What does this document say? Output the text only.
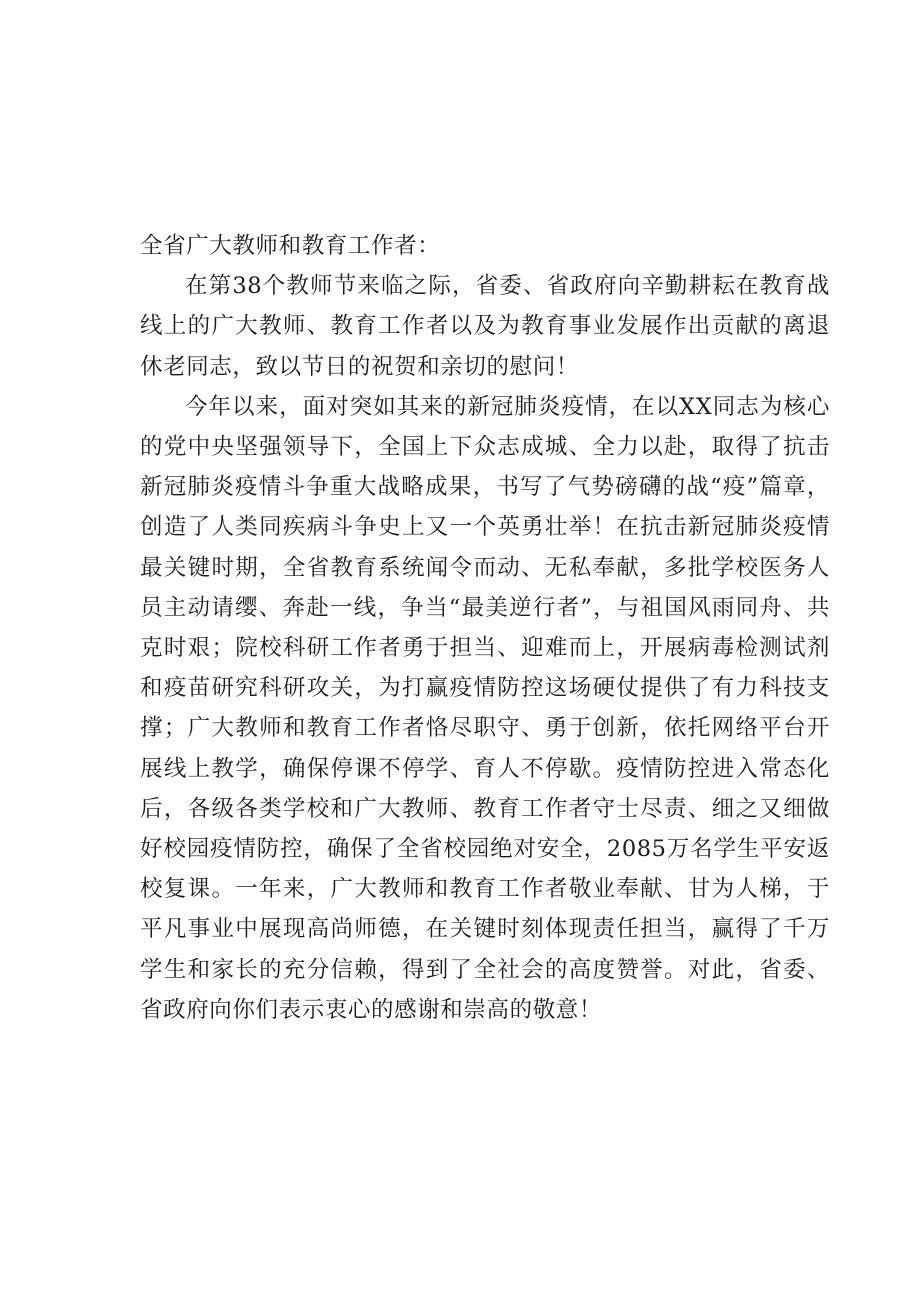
全省广大教师和教育工作者：

在第38个教师节来临之际，省委、省政府向辛勤耕耘在教育战线上的广大教师、教育工作者以及为教育事业发展作出贡献的离退休老同志，致以节日的祝贺和亲切的慰问！

今年以来，面对突如其来的新冠肺炎疫情，在以XX同志为核心的党中央坚强领导下，全国上下众志成城、全力以赴，取得了抗击新冠肺炎疫情斗争重大战略成果，书写了气势磅礴的战“疫”篇章，创造了人类同疾病斗争史上又一个英勇壮举！在抗击新冠肺炎疫情最关键时期，全省教育系统闻令而动、无私奉献，多批学校医务人员主动请缨、奔赴一线，争当“最美逆行者”，与祖国风雨同舟、共克时艰；院校科研工作者勇于担当、迎难而上，开展病毒检测试剂和疫苗研究科研攻关，为打赢疫情防控这场硬仗提供了有力科技支撑；广大教师和教育工作者恪尽职守、勇于创新，依托网络平台开展线上教学，确保停课不停学、育人不停歇。疫情防控进入常态化后，各级各类学校和广大教师、教育工作者守士尽责、细之又细做好校园疫情防控，确保了全省校园绝对安全，2085万名学生平安返校复课。一年来，广大教师和教育工作者敬业奉献、甘为人梯，于平凡事业中展现高尚师德，在关键时刻体现责任担当，赢得了千万学生和家长的充分信赖，得到了全社会的高度赞誉。对此，省委、省政府向你们表示衷心的感谢和崇高的敬意！
